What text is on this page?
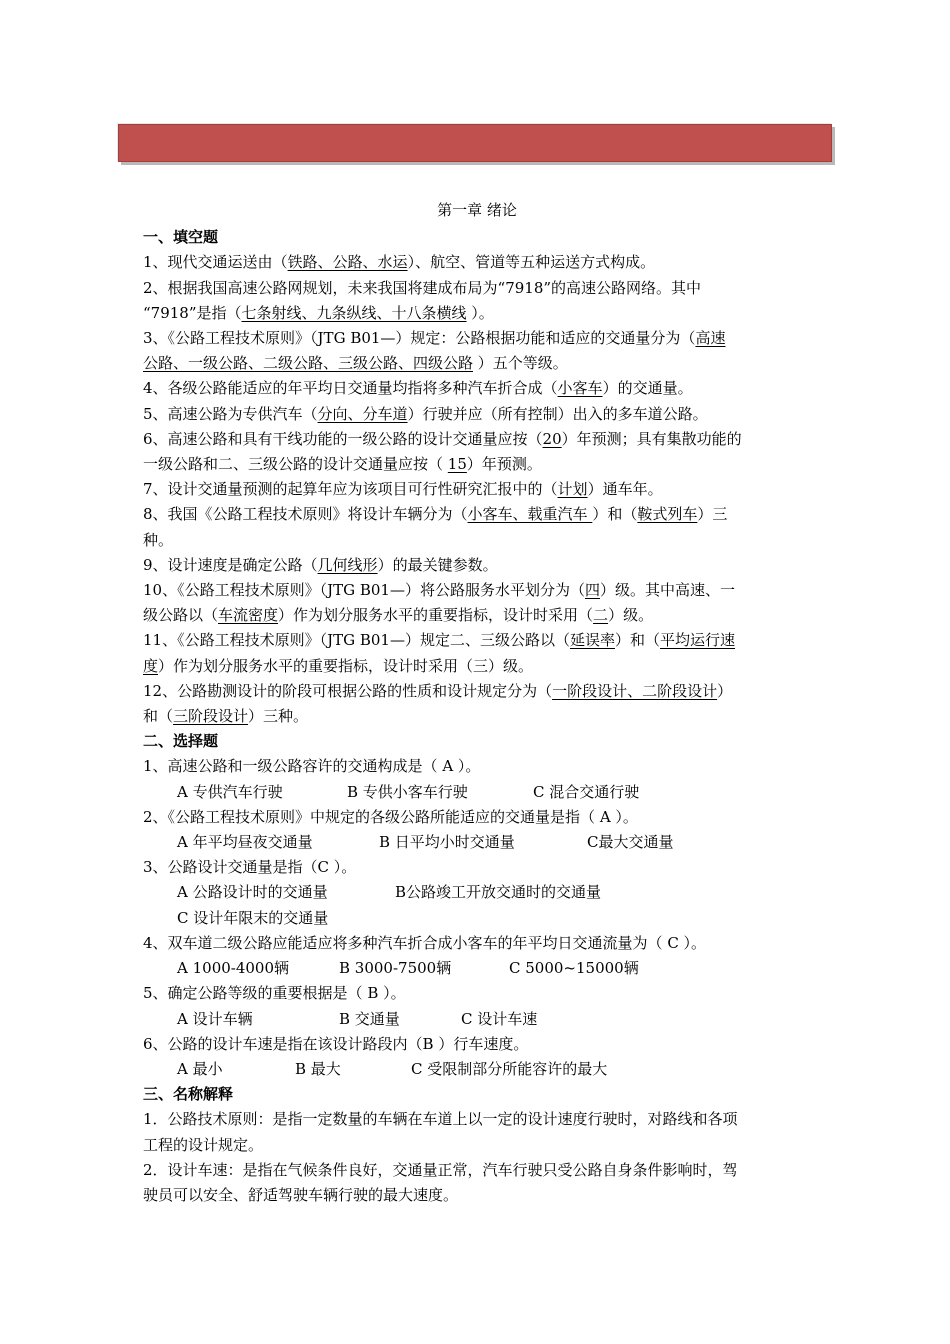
第一章 绪论
一、填空题

1、现代交通运送由（铁路、公路、水运）、航空、管道等五种运送方式构成。

2、根据我国高速公路网规划，未来我国将建成布局为“7918”的高速公路网络。其中

“7918”是指（七条射线、九条纵线、十八条横线 ）。

3、《公路工程技术原则》（JTG B01—）规定：公路根据功能和适应的交通量分为（高速

公路、一级公路、二级公路、三级公路、四级公路 ）五个等级。

4、各级公路能适应的年平均日交通量均指将多种汽车折合成（小客车）的交通量。

5、高速公路为专供汽车（分向、分车道）行驶并应（所有控制）出入的多车道公路。

6、高速公路和具有干线功能的一级公路的设计交通量应按（20）年预测；具有集散功能的

一级公路和二、三级公路的设计交通量应按（ 15）年预测。

7、设计交通量预测的起算年应为该项目可行性研究汇报中的（计划）通车年。

8、我国《公路工程技术原则》将设计车辆分为（小客车、载重汽车 ）和（鞍式列车）三

种。

9、设计速度是确定公路（几何线形）的最关键参数。

10、《公路工程技术原则》（JTG B01—）将公路服务水平划分为（四）级。其中高速、一

级公路以（车流密度）作为划分服务水平的重要指标，设计时采用（二）级。

11、《公路工程技术原则》（JTG B01—）规定二、三级公路以（延误率）和（平均运行速

度）作为划分服务水平的重要指标，设计时采用（三）级。

12、公路勘测设计的阶段可根据公路的性质和设计规定分为（一阶段设计、二阶段设计）

和（三阶段设计）三种。

二、选择题

1、高速公路和一级公路容许的交通构成是（ A ）。

A 专供汽车行驶	B 专供小客车行驶	C 混合交通行驶

2、《公路工程技术原则》中规定的各级公路所能适应的交通量是指（ A ）。

A 年平均昼夜交通量	B 日平均小时交通量	C最大交通量

3、公路设计交通量是指（C ）。

A 公路设计时的交通量	B公路竣工开放交通时的交通量

C 设计年限末的交通量

4、双车道二级公路应能适应将多种汽车折合成小客车的年平均日交通流量为（ C ）。

A 1000-4000辆	B 3000-7500辆	C 5000~15000辆

5、确定公路等级的重要根据是（ B ）。

A 设计车辆	B 交通量	C 设计车速

6、公路的设计车速是指在该设计路段内（B ）行车速度。

A 最小	B 最大	C 受限制部分所能容许的最大

三、名称解释

1．公路技术原则：是指一定数量的车辆在车道上以一定的设计速度行驶时，对路线和各项

工程的设计规定。

2．设计车速：是指在气候条件良好，交通量正常，汽车行驶只受公路自身条件影响时，驾

驶员可以安全、舒适驾驶车辆行驶的最大速度。
